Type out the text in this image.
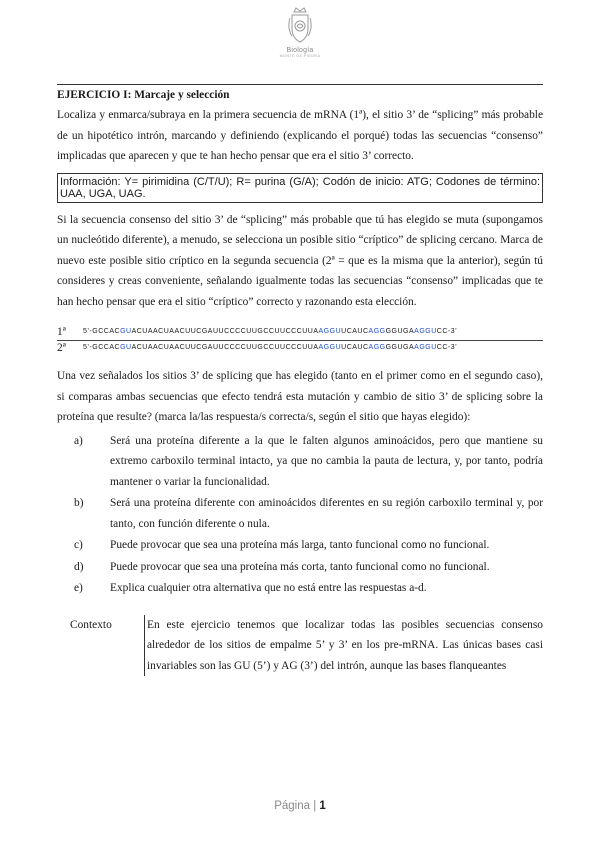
Biología
MONTE DE PIEDRA
EJERCICIO I: Marcaje y selección

Localiza y enmarca/subraya en la primera secuencia de mRNA (1ª), el sitio 3’ de “splicing” más probable de un hipotético intrón, marcando y definiendo (explicando el porqué) todas las secuencias “consenso” implicadas que aparecen y que te han hecho pensar que era el sitio 3’ correcto.

Información: Y= pirimidina (C/T/U); R= purina (G/A); Codón de inicio: ATG; Codones de término: UAA, UGA, UAG.

Si la secuencia consenso del sitio 3’ de “splicing” más probable que tú has elegido se muta (supongamos un nucleótido diferente), a menudo, se selecciona un posible sitio “críptico” de splicing cercano. Marca de nuevo este posible sitio críptico en la segunda secuencia (2ª = que es la misma que la anterior), según tú consideres y creas conveniente, señalando igualmente todas las secuencias “consenso” implicadas que te han hecho pensar que era el sitio “críptico” correcto y razonando esta elección.

1ª	5’-GCCACGUACUAACUAACUUCGAUUCCCCUUGCCUUCCCUUAAGGUUCAUCAGGGGUGAAGGUCC-3’
2ª	5’-GCCACGUACUAACUAACUUCGAUUCCCCUUGCCUUCCCUUAAGGUUCAUCAGGGGUGAAGGUCC-3’

Una vez señalados los sitios 3’ de splicing que has elegido (tanto en el primer como en el segundo caso), si comparas ambas secuencias que efecto tendrá esta mutación y cambio de sitio 3’ de splicing sobre la proteína que resulte? (marca la/las respuesta/s correcta/s, según el sitio que hayas elegido):

a)	Será una proteína diferente a la que le falten algunos aminoácidos, pero que mantiene su extremo carboxilo terminal intacto, ya que no cambia la pauta de lectura, y, por tanto, podría mantener o variar la funcionalidad.
b)	Será una proteína diferente con aminoácidos diferentes en su región carboxilo terminal y, por tanto, con función diferente o nula.
c)	Puede provocar que sea una proteína más larga, tanto funcional como no funcional.
d)	Puede provocar que sea una proteína más corta, tanto funcional como no funcional.
e)	Explica cualquier otra alternativa que no está entre las respuestas a-d.
Contexto	En este ejercicio tenemos que localizar todas las posibles secuencias consenso alrededor de los sitios de empalme 5’ y 3’ en los pre-mRNA. Las únicas bases casi invariables son las GU (5’) y AG (3’) del intrón, aunque las bases flanqueantes
Página | 1
